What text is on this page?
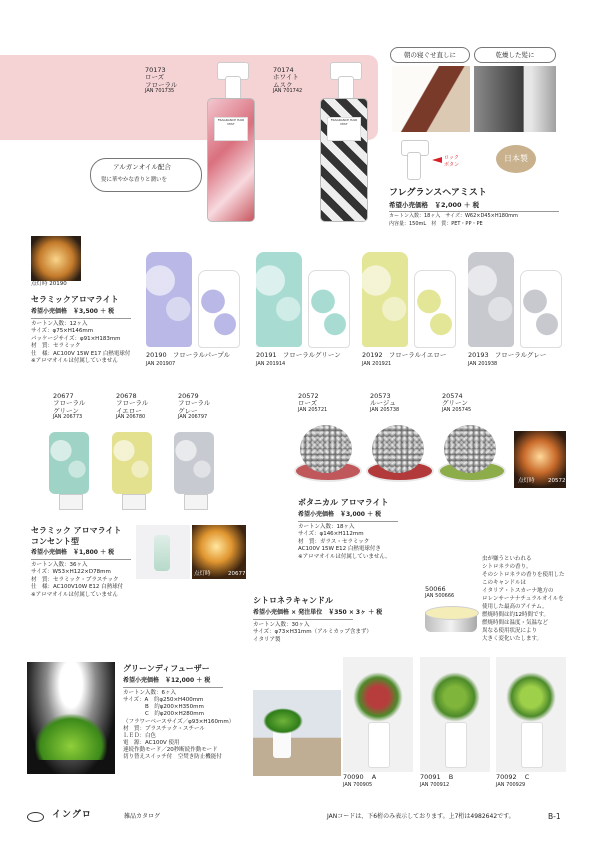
70173
ローズ
フローラル
JAN 701735
70174
ホワイト
ムスク
JAN 701742
FRAGRANCE HAIR MIST
FRAGRANCE HAIR MIST
アルガンオイル配合
髪に華やかな香りと潤いを
朝の寝ぐせ直しに	乾燥した髪に
ロック
ボタン
日本製
フレグランスヘアミスト
希望小売価格　￥2,000 ＋ 税
カートン入数：18ヶ入　サイズ：W62×D45×H180mm
内容量：150mL　材　質：PET・PP・PE
点灯時 20190
セラミックアロマライト
希望小売価格　￥3,500 ＋ 税
カートン入数：12ヶ入
サイズ：φ75×H146mm
パッケージサイズ：φ91×H183mm
材　質：セラミック
仕　様：AC100V 15W E17 白熱電球付
※アロマオイルは付属していません
20190 フローラルパープル
JAN 201907
20191 フローラルグリーン
JAN 201914
20192 フローラルイエロー
JAN 201921
20193 フローラルグレー
JAN 201938
20677
フローラル
グリーン
JAN 206773
20678
フローラル
イエロー
JAN 206780
20679
フローラル
グレー
JAN 206797
セラミック アロマライト
コンセント型
希望小売価格　￥1,800 ＋ 税
カートン入数：36ヶ入
サイズ：W53×H122×D78mm
材　質：セラミック・プラスチック
仕　様：AC100V10W E12 白熱球付
※アロマオイルは付属していません
点灯時	20677
20572
ローズ
JAN 205721
20573
ルージュ
JAN 205738
20574
グリーン
JAN 205745
点灯時 20572
ボタニカル アロマライト
希望小売価格　￥3,000 ＋ 税
カートン入数：18ヶ入
サイズ：φ146×H112mm
材　質：ガラス・セラミック
AC100V 15W E12 白熱電球付き
※アロマオイルは付属していません。	虫が嫌うといわれる
シトロネラの香り。
そのシトロネラの香りを使用した
このキャンドルは
イタリア・トスカーナ地方の
ロレンサーナナチュラルオイルを
使用した最高のアイテム。
燃焼時間は約12時間です。
燃焼時間は温度・気温など
異なる使用状況により
大きく変化いたします。
50066
JAN 500666
シトロネラキャンドル
希望小売価格 × 発注単位　￥350 × 3ヶ ＋ 税
カートン入数：30ヶ入
サイズ：φ73×H31mm（アルミカップ含まず）
イタリア製
グリーンディフューザー
希望小売価格　￥12,000 ＋ 税
カートン入数：6ヶ入
サイズ：A　約φ250×H400mm
　　　　B　約φ200×H350mm
　　　　C　約φ200×H280mm
（フラワーベースサイズ／φ93×H160mm）
材　質：プラスチック・スチール
ＬＥＤ：白色
電　源：AC100V 使用
連続作動モード／20秒断続作動モード
切り替えスイッチ付　空焚き防止機能付
70090 A
JAN 700905
70091 B
JAN 700912
70092 C
JAN 700929
イングロ	雑品カタログ	JANコードは、下6桁のみ表示しております。上7桁は4982642です。	B‐1
